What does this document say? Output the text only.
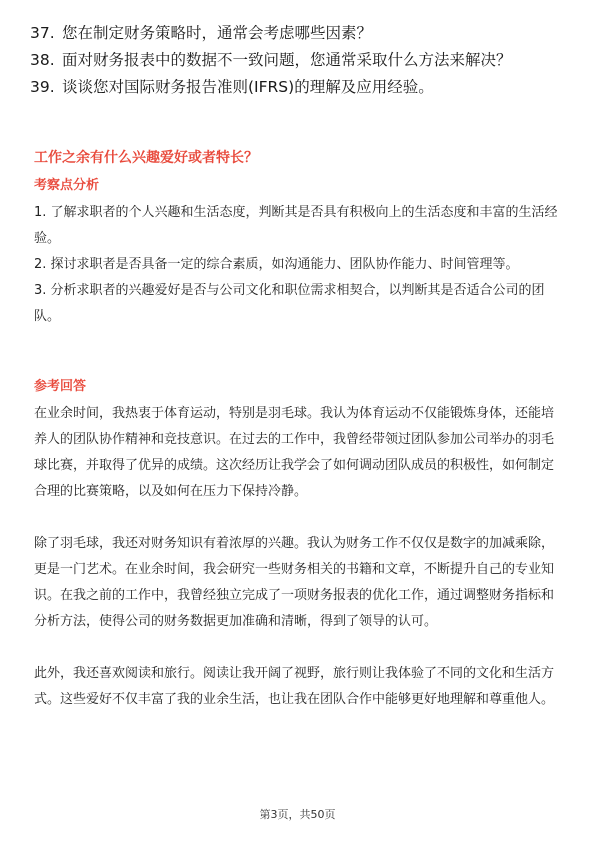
37. 您在制定财务策略时，通常会考虑哪些因素？
38. 面对财务报表中的数据不一致问题，您通常采取什么方法来解决？
39. 谈谈您对国际财务报告准则(IFRS)的理解及应用经验。
工作之余有什么兴趣爱好或者特长？
考察点分析
1. 了解求职者的个人兴趣和生活态度，判断其是否具有积极向上的生活态度和丰富的生活经验。
2. 探讨求职者是否具备一定的综合素质，如沟通能力、团队协作能力、时间管理等。
3. 分析求职者的兴趣爱好是否与公司文化和职位需求相契合，以判断其是否适合公司的团队。
参考回答
在业余时间，我热衷于体育运动，特别是羽毛球。我认为体育运动不仅能锻炼身体，还能培养人的团队协作精神和竞技意识。在过去的工作中，我曾经带领过团队参加公司举办的羽毛球比赛，并取得了优异的成绩。这次经历让我学会了如何调动团队成员的积极性，如何制定合理的比赛策略，以及如何在压力下保持冷静。
除了羽毛球，我还对财务知识有着浓厚的兴趣。我认为财务工作不仅仅是数字的加减乘除，更是一门艺术。在业余时间，我会研究一些财务相关的书籍和文章，不断提升自己的专业知识。在我之前的工作中，我曾经独立完成了一项财务报表的优化工作，通过调整财务指标和分析方法，使得公司的财务数据更加准确和清晰，得到了领导的认可。
此外，我还喜欢阅读和旅行。阅读让我开阔了视野，旅行则让我体验了不同的文化和生活方式。这些爱好不仅丰富了我的业余生活，也让我在团队合作中能够更好地理解和尊重他人。
第3页，共50页
